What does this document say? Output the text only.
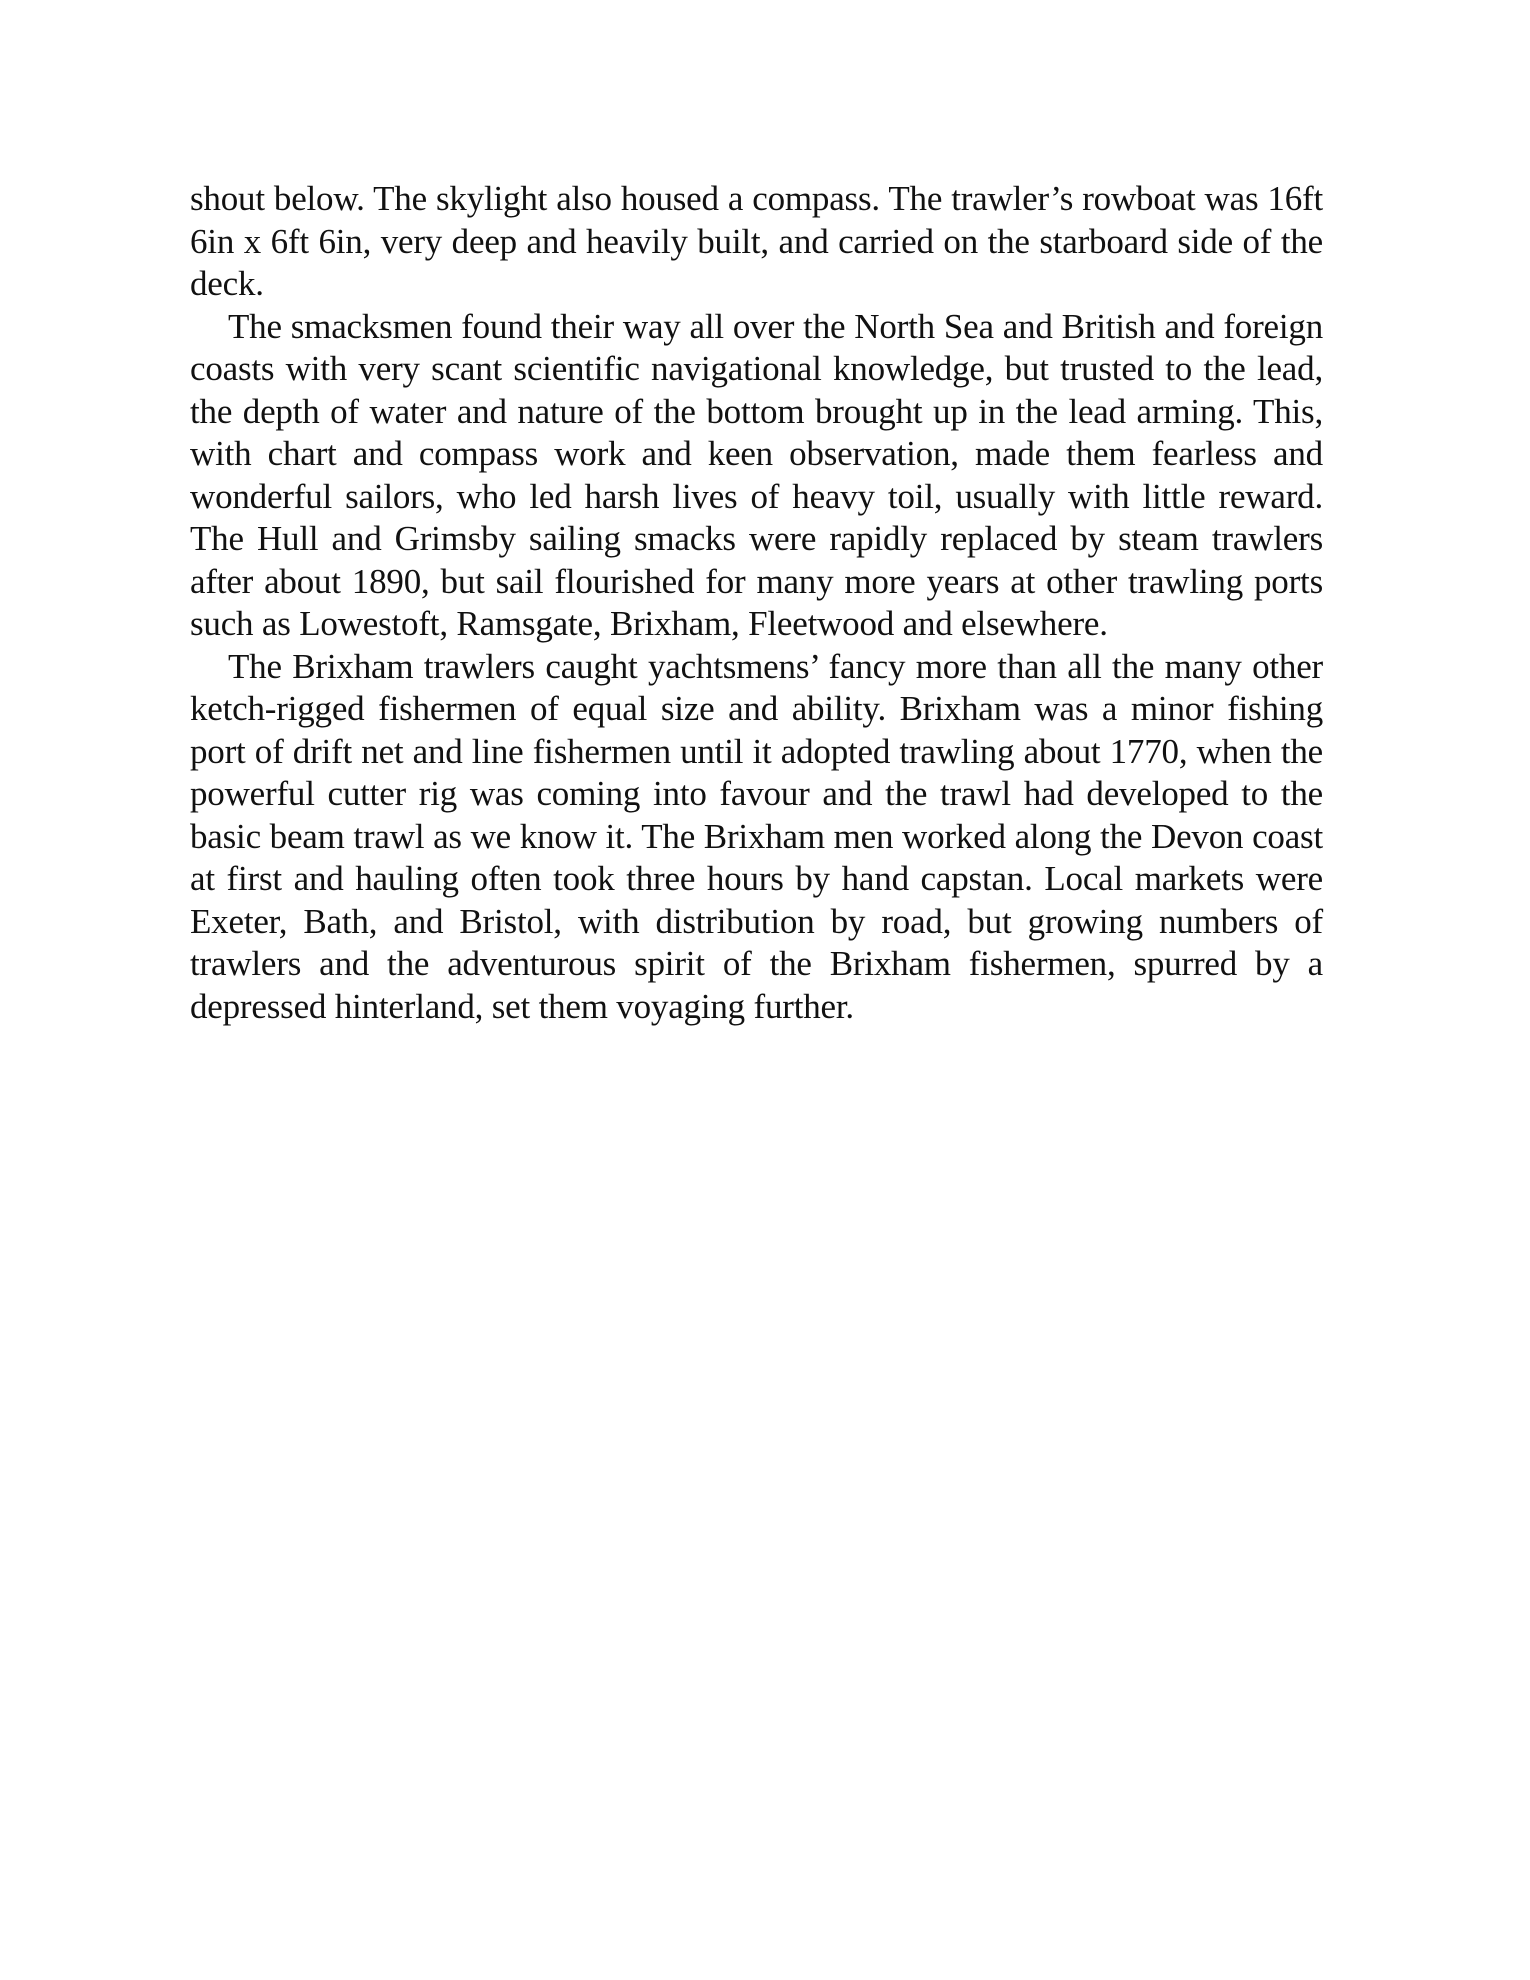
shout below. The skylight also housed a compass. The trawler’s rowboat was 16ft 6in x 6ft 6in, very deep and heavily built, and carried on the starboard side of the deck.

The smacksmen found their way all over the North Sea and British and foreign coasts with very scant scientific navigational knowledge, but trusted to the lead, the depth of water and nature of the bottom brought up in the lead arming. This, with chart and compass work and keen observation, made them fearless and wonderful sailors, who led harsh lives of heavy toil, usually with little reward. The Hull and Grimsby sailing smacks were rapidly replaced by steam trawlers after about 1890, but sail flourished for many more years at other trawling ports such as Lowestoft, Ramsgate, Brixham, Fleetwood and elsewhere.

The Brixham trawlers caught yachtsmens’ fancy more than all the many other ketch-rigged fishermen of equal size and ability. Brixham was a minor fishing port of drift net and line fishermen until it adopted trawling about 1770, when the powerful cutter rig was coming into favour and the trawl had developed to the basic beam trawl as we know it. The Brixham men worked along the Devon coast at first and hauling often took three hours by hand capstan. Local markets were Exeter, Bath, and Bristol, with distribution by road, but growing numbers of trawlers and the adventurous spirit of the Brixham fishermen, spurred by a depressed hinterland, set them voyaging further.
